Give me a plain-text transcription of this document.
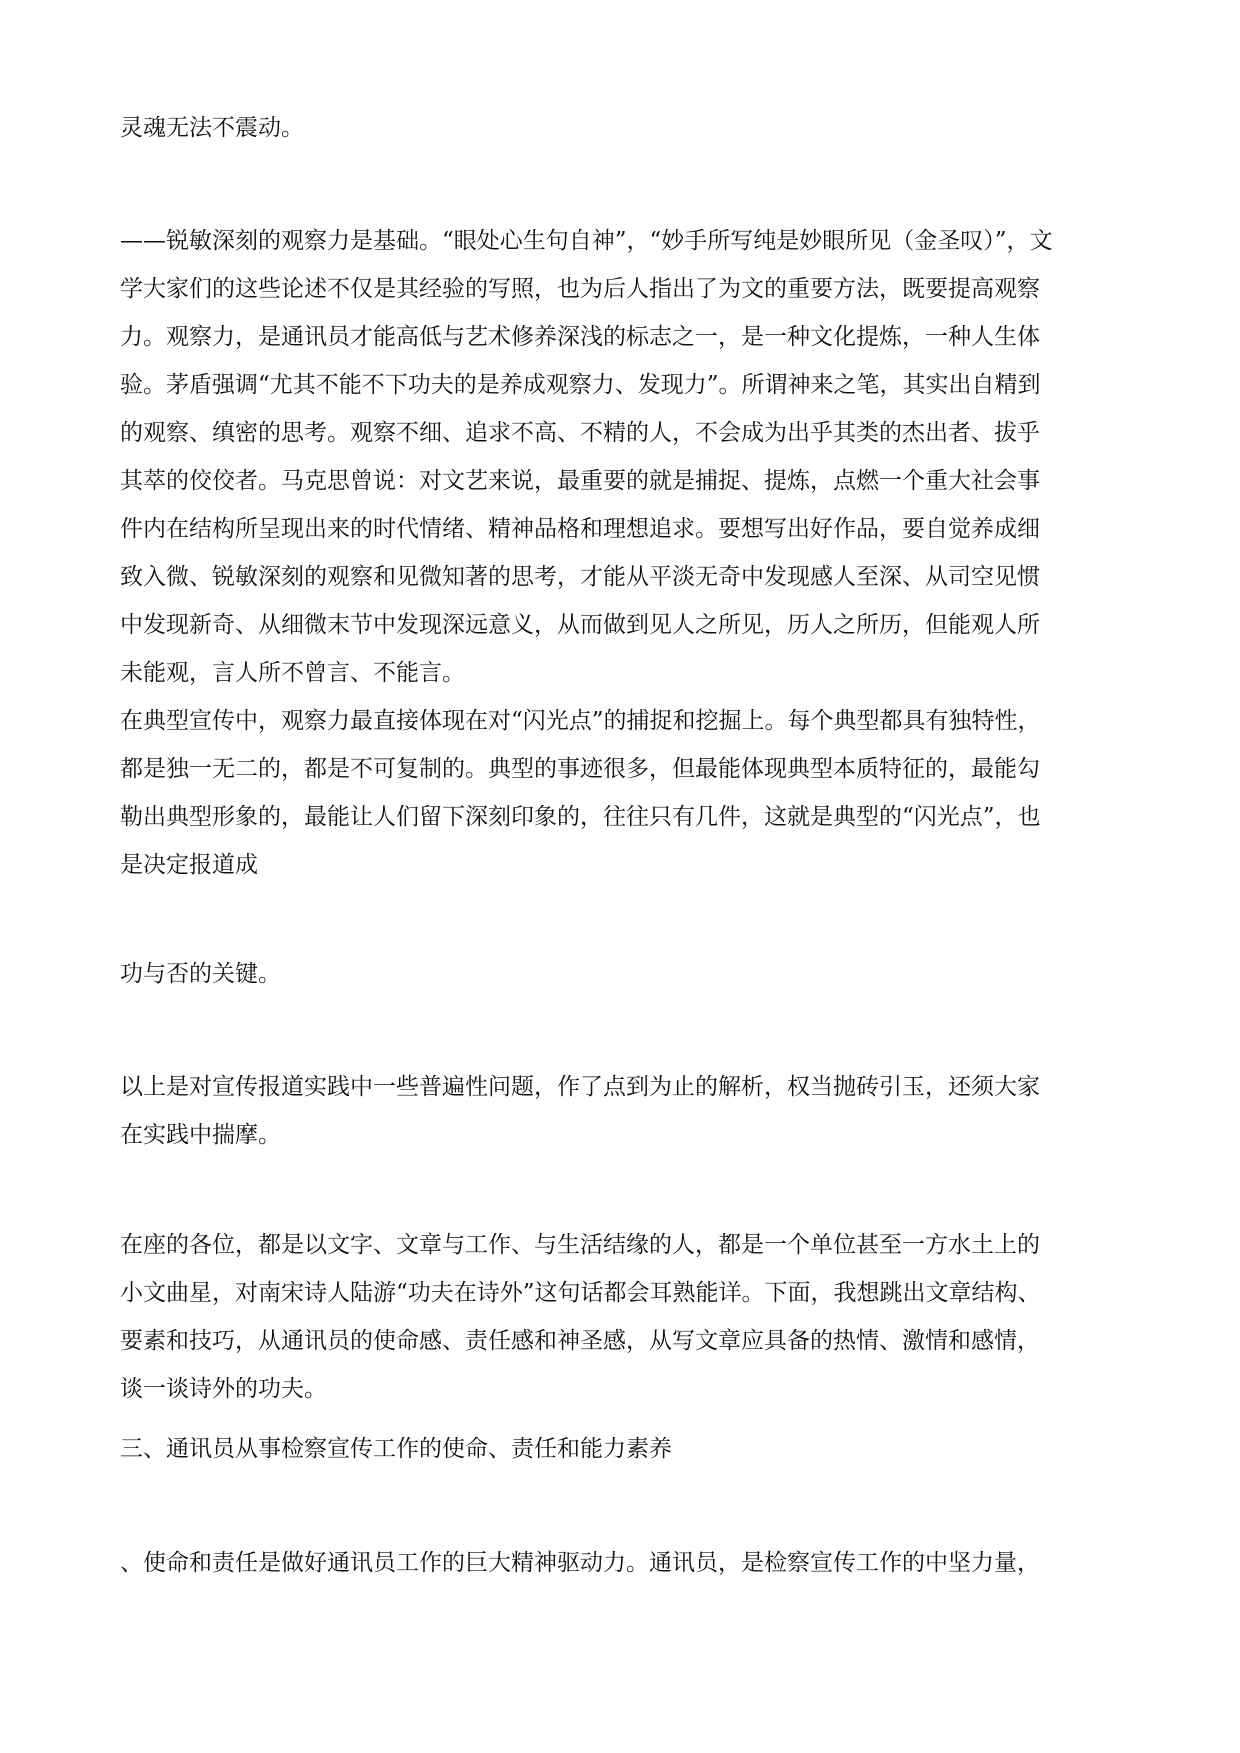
灵魂无法不震动。

——锐敏深刻的观察力是基础。“眼处心生句自神”，“妙手所写纯是妙眼所见（金圣叹）”，文
学大家们的这些论述不仅是其经验的写照，也为后人指出了为文的重要方法，既要提高观察
力。观察力，是通讯员才能高低与艺术修养深浅的标志之一，是一种文化提炼，一种人生体
验。茅盾强调“尤其不能不下功夫的是养成观察力、发现力”。所谓神来之笔，其实出自精到
的观察、缜密的思考。观察不细、追求不高、不精的人，不会成为出乎其类的杰出者、拔乎
其萃的佼佼者。马克思曾说：对文艺来说，最重要的就是捕捉、提炼，点燃一个重大社会事
件内在结构所呈现出来的时代情绪、精神品格和理想追求。要想写出好作品，要自觉养成细
致入微、锐敏深刻的观察和见微知著的思考，才能从平淡无奇中发现感人至深、从司空见惯
中发现新奇、从细微末节中发现深远意义，从而做到见人之所见，历人之所历，但能观人所
未能观，言人所不曾言、不能言。

在典型宣传中，观察力最直接体现在对“闪光点”的捕捉和挖掘上。每个典型都具有独特性，
都是独一无二的，都是不可复制的。典型的事迹很多，但最能体现典型本质特征的，最能勾
勒出典型形象的，最能让人们留下深刻印象的，往往只有几件，这就是典型的“闪光点”，也
是决定报道成

功与否的关键。

以上是对宣传报道实践中一些普遍性问题，作了点到为止的解析，权当抛砖引玉，还须大家
在实践中揣摩。

在座的各位，都是以文字、文章与工作、与生活结缘的人，都是一个单位甚至一方水土上的
小文曲星，对南宋诗人陆游“功夫在诗外”这句话都会耳熟能详。下面，我想跳出文章结构、
要素和技巧，从通讯员的使命感、责任感和神圣感，从写文章应具备的热情、激情和感情，
谈一谈诗外的功夫。

三、通讯员从事检察宣传工作的使命、责任和能力素养

、使命和责任是做好通讯员工作的巨大精神驱动力。通讯员，是检察宣传工作的中坚力量，
